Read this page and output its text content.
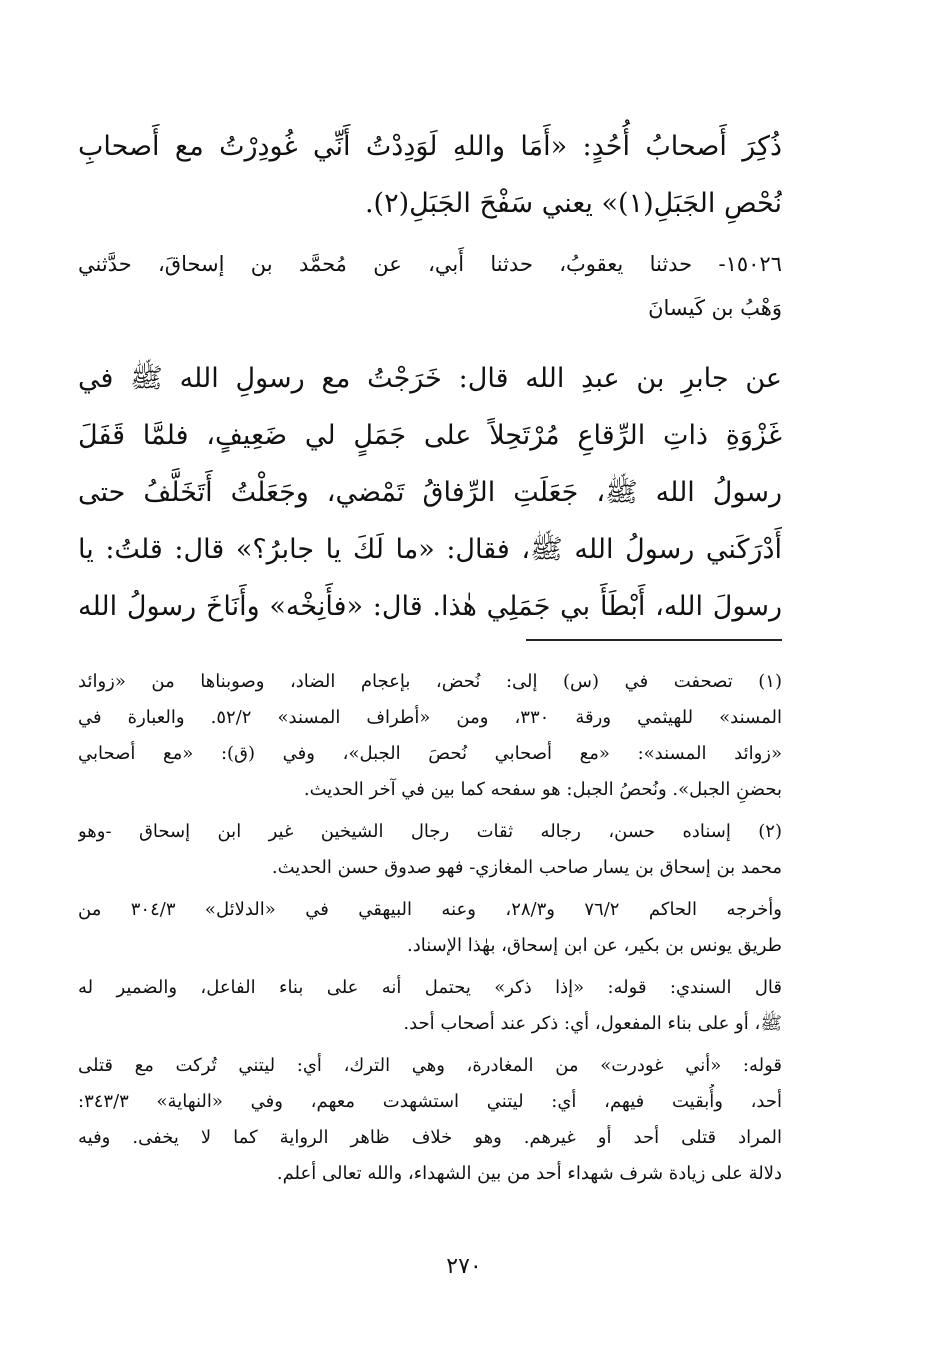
ذُكِرَ أَصحابُ أُحُدٍ: «أَمَا واللهِ لَوَدِدْتُ أَنِّي غُودِرْتُ مع أَصحابِ
نُحْصِ الجَبَلِ(١)» يعني سَفْحَ الجَبَلِ(٢).
١٥٠٢٦- حدثنا يعقوبُ، حدثنا أَبي، عن مُحمَّد بن إسحاقَ، حدَّثني
وَهْبُ بن كَيسانَ
عن جابرِ بن عبدِ الله قال: خَرَجْتُ مع رسولِ الله ﷺ في
غَزْوَةِ ذاتِ الرِّقاعِ مُرْتَحِلاً على جَمَلٍ لي ضَعِيفٍ، فلمَّا قَفَلَ
رسولُ الله ﷺ، جَعَلَتِ الرِّفاقُ تَمْضي، وجَعَلْتُ أَتَخَلَّفُ حتى
أَدْرَكَني رسولُ الله ﷺ، فقال: «ما لَكَ يا جابرُ؟» قال: قلتُ: يا
رسولَ الله، أَبْطَأَ بي جَمَلِي هٰذا. قال: «فأَنِخْه» وأَنَاخَ رسولُ الله
(١) تصحفت في (س) إلى: نُحض، بإعجام الضاد، وصوبناها من «زوائد
المسند» للهيثمي ورقة ٣٣٠، ومن «أطراف المسند» ٥٢/٢. والعبارة في
«زوائد المسند»: «مع أصحابي نُحصَ الجبل»، وفي (ق): «مع أصحابي
بحضنِ الجبل». ونُحصُ الجبل: هو سفحه كما بين في آخر الحديث.
(٢) إسناده حسن، رجاله ثقات رجال الشيخين غير ابن إسحاق -وهو
محمد بن إسحاق بن يسار صاحب المغازي- فهو صدوق حسن الحديث.
وأخرجه الحاكم ٧٦/٢ و٢٨/٣، وعنه البيهقي في «الدلائل» ٣٠٤/٣ من
طريق يونس بن بكير، عن ابن إسحاق، بهٰذا الإسناد.
قال السندي: قوله: «إذا ذكر» يحتمل أنه على بناء الفاعل، والضمير له
ﷺ، أو على بناء المفعول، أي: ذكر عند أصحاب أحد.
قوله: «أني غودرت» من المغادرة، وهي الترك، أي: ليتني تُركت مع قتلى
أحد، وأُبقيت فيهم، أي: ليتني استشهدت معهم، وفي «النهاية» ٣٤٣/٣:
المراد قتلى أحد أو غيرهم. وهو خلاف ظاهر الرواية كما لا يخفى. وفيه
دلالة على زيادة شرف شهداء أحد من بين الشهداء، والله تعالى أعلم.
٢٧٠
